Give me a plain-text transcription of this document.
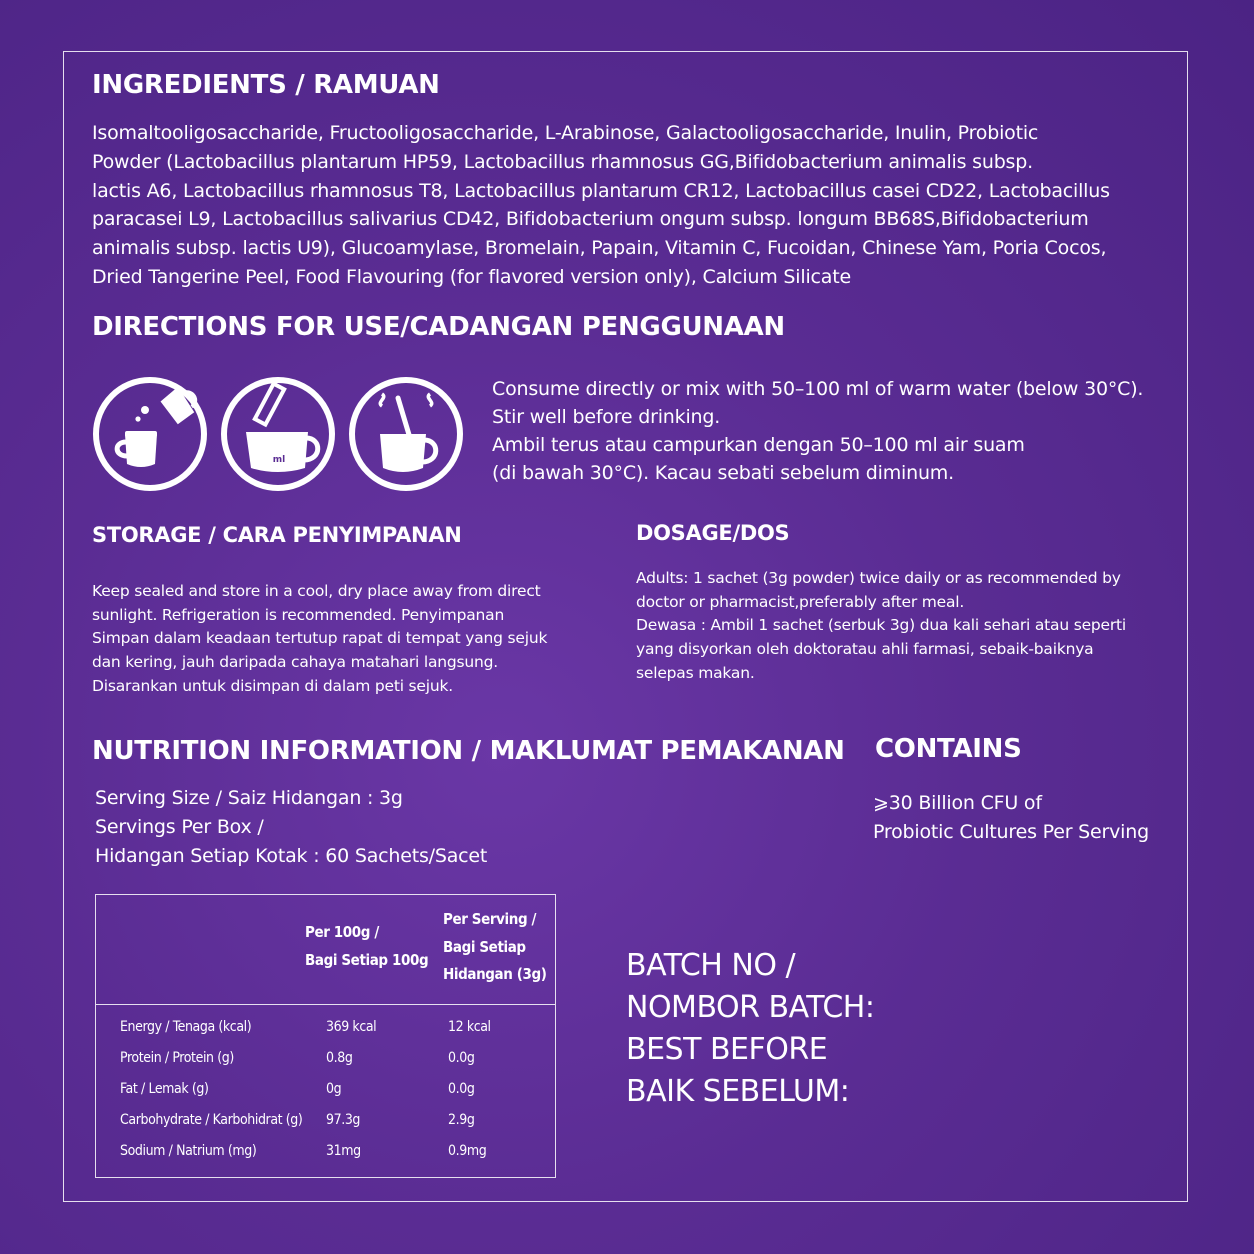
INGREDIENTS / RAMUAN
Isomaltooligosaccharide, Fructooligosaccharide, L-Arabinose, Galactooligosaccharide, Inulin, Probiotic
Powder (Lactobacillus plantarum HP59, Lactobacillus rhamnosus GG,Bifidobacterium animalis subsp.
lactis A6, Lactobacillus rhamnosus T8, Lactobacillus plantarum CR12, Lactobacillus casei CD22, Lactobacillus
paracasei L9, Lactobacillus salivarius CD42, Bifidobacterium ongum subsp. longum BB68S,Bifidobacterium
animalis subsp. lactis U9), Glucoamylase, Bromelain, Papain, Vitamin C, Fucoidan, Chinese Yam, Poria Cocos,
Dried Tangerine Peel, Food Flavouring (for flavored version only), Calcium Silicate
DIRECTIONS FOR USE/CADANGAN PENGGUNAAN
ml
Consume directly or mix with 50–100 ml of warm water (below 30°C).
Stir well before drinking.
Ambil terus atau campurkan dengan 50–100 ml air suam
(di bawah 30°C). Kacau sebati sebelum diminum.
STORAGE / CARA PENYIMPANAN
Keep sealed and store in a cool, dry place away from direct
sunlight. Refrigeration is recommended. Penyimpanan
Simpan dalam keadaan tertutup rapat di tempat yang sejuk
dan kering, jauh daripada cahaya matahari langsung.
Disarankan untuk disimpan di dalam peti sejuk.
DOSAGE/DOS
Adults: 1 sachet (3g powder) twice daily or as recommended by
doctor or pharmacist,preferably after meal.
Dewasa : Ambil 1 sachet (serbuk 3g) dua kali sehari atau seperti
yang disyorkan oleh doktoratau ahli farmasi, sebaik-baiknya
selepas makan.
NUTRITION INFORMATION / MAKLUMAT PEMAKANAN
Serving Size / Saiz Hidangan : 3g
Servings Per Box /
Hidangan Setiap Kotak : 60 Sachets/Sacet
Per 100g /
Bagi Setiap 100g
Per Serving /
Bagi Setiap
Hidangan (3g)
Energy / Tenaga (kcal)	369 kcal	12 kcal
Protein / Protein (g)	0.8g	0.0g
Fat / Lemak (g)	0g	0.0g
Carbohydrate / Karbohidrat (g) 97.3g	2.9g
Sodium / Natrium (mg)	31mg	0.9mg
CONTAINS
⩾30 Billion CFU of
Probiotic Cultures Per Serving
BATCH NO /
NOMBOR BATCH:
BEST BEFORE
BAIK SEBELUM:
